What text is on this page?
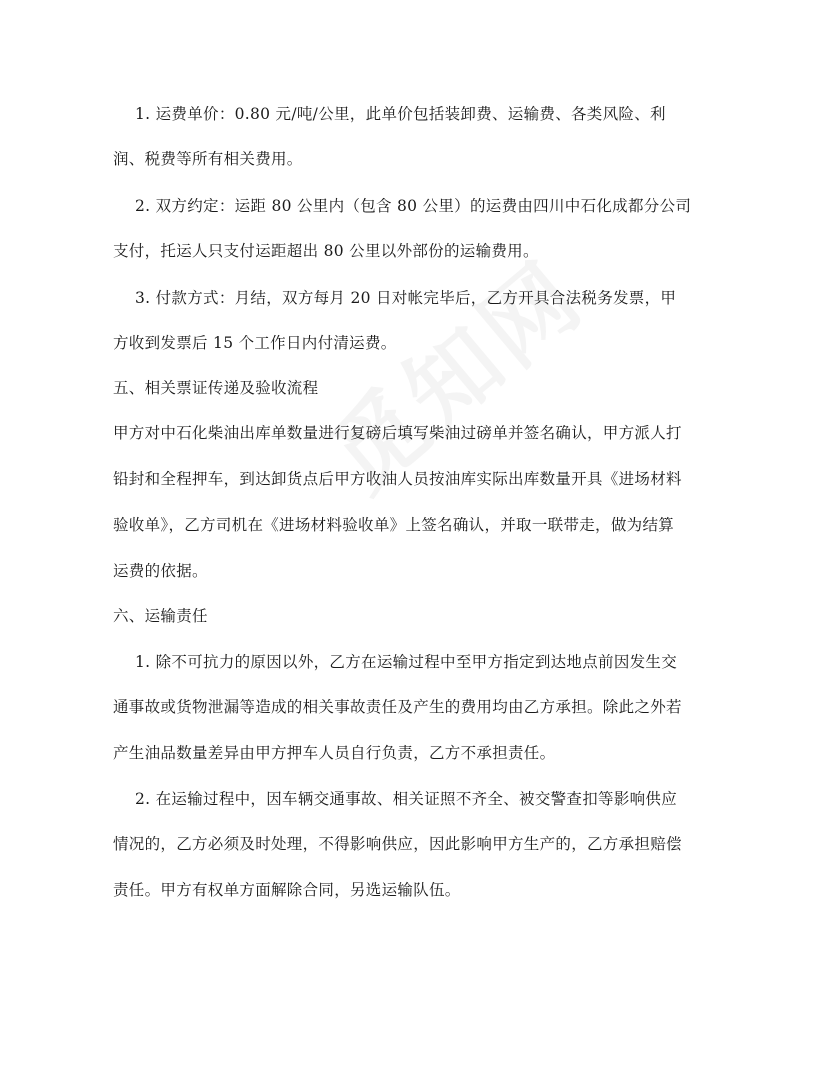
1. 运费单价：0.80 元/吨/公里，此单价包括装卸费、运输费、各类风险、利
润、税费等所有相关费用。
2. 双方约定：运距 80 公里内（包含 80 公里）的运费由四川中石化成都分公司
支付，托运人只支付运距超出 80 公里以外部份的运输费用。
3. 付款方式：月结，双方每月 20 日对帐完毕后，乙方开具合法税务发票，甲
方收到发票后 15 个工作日内付清运费。
五、相关票证传递及验收流程
甲方对中石化柴油出库单数量进行复磅后填写柴油过磅单并签名确认，甲方派人打
铅封和全程押车，到达卸货点后甲方收油人员按油库实际出库数量开具《进场材料
验收单》，乙方司机在《进场材料验收单》上签名确认，并取一联带走，做为结算
运费的依据。
六、运输责任
1. 除不可抗力的原因以外，乙方在运输过程中至甲方指定到达地点前因发生交
通事故或货物泄漏等造成的相关事故责任及产生的费用均由乙方承担。除此之外若
产生油品数量差异由甲方押车人员自行负责，乙方不承担责任。
2. 在运输过程中，因车辆交通事故、相关证照不齐全、被交警查扣等影响供应
情况的，乙方必须及时处理，不得影响供应，因此影响甲方生产的，乙方承担赔偿
责任。甲方有权单方面解除合同，另选运输队伍。
